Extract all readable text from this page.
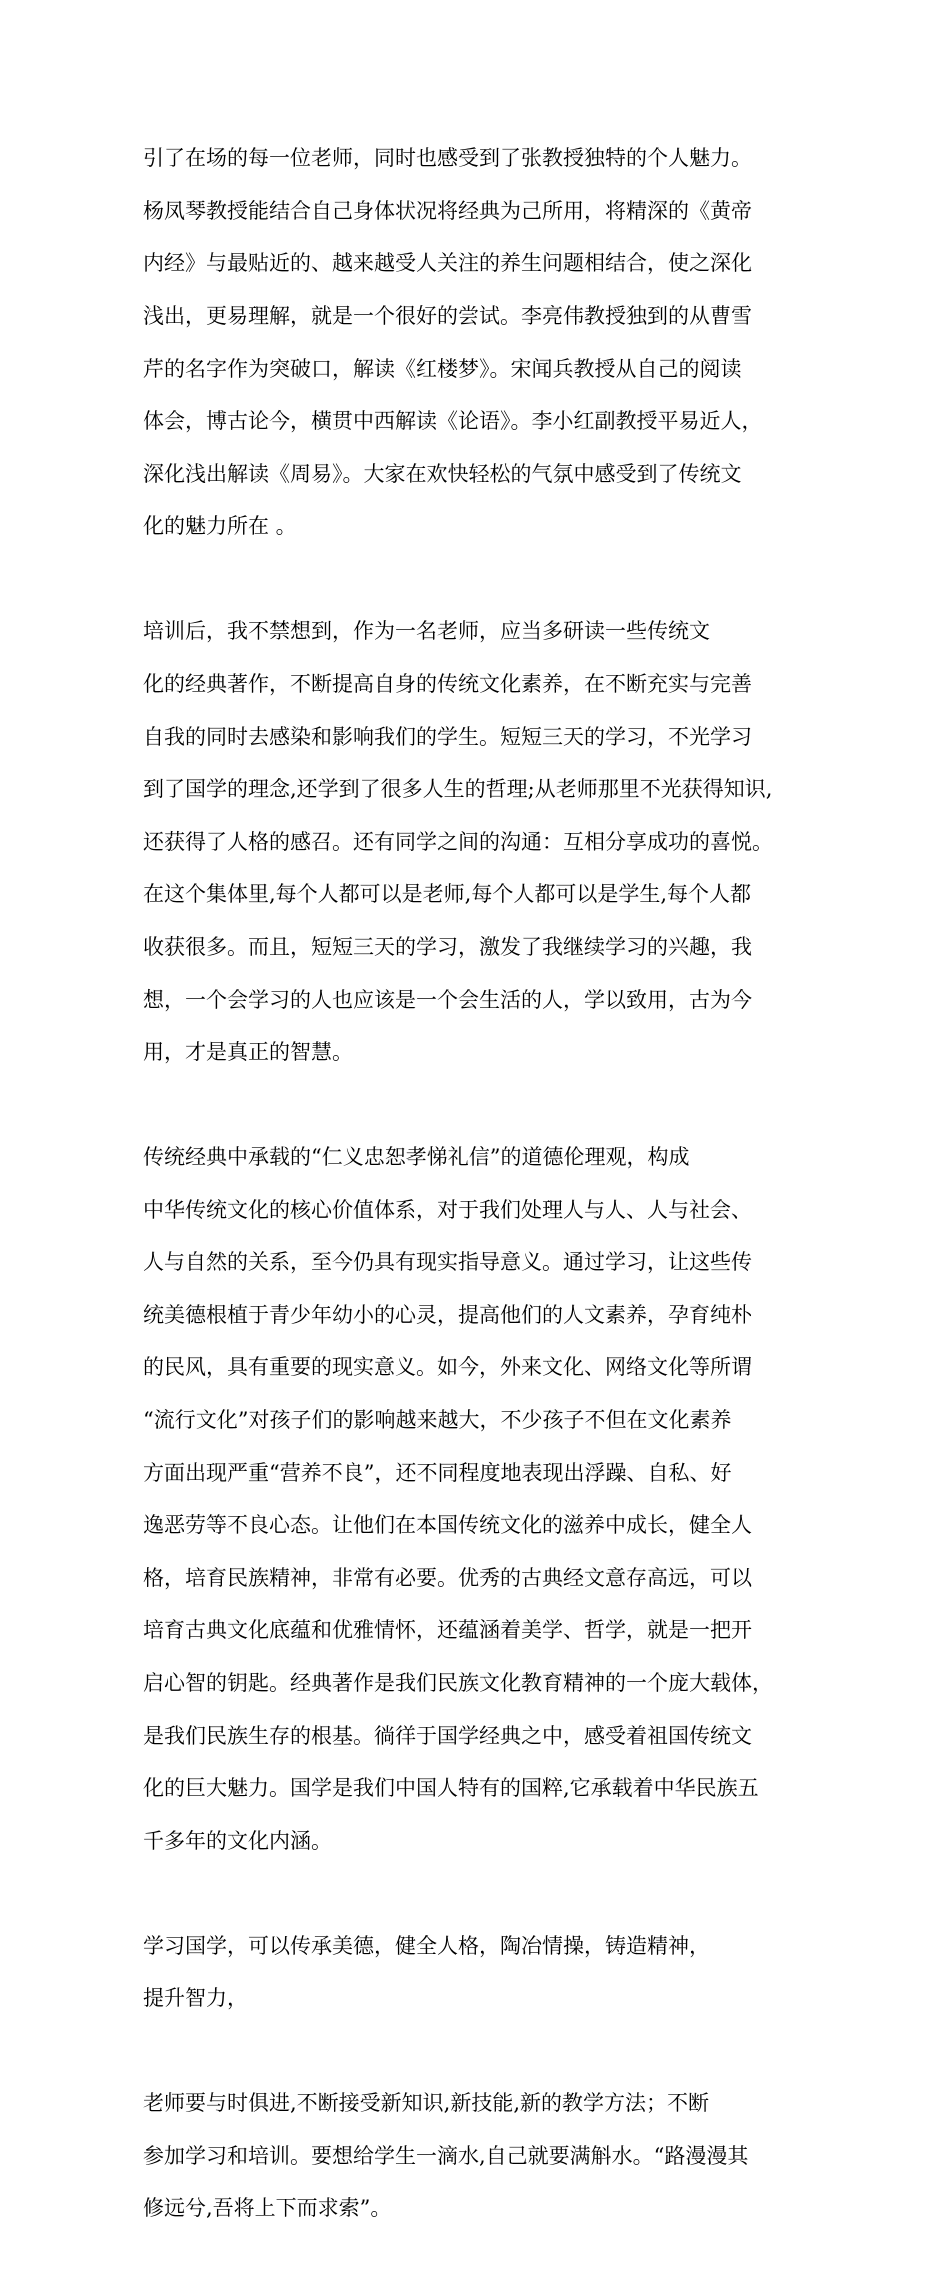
引了在场的每一位老师，同时也感受到了张教授独特的个人魅力。

杨凤琴教授能结合自己身体状况将经典为己所用，将精深的《黄帝

内经》与最贴近的、越来越受人关注的养生问题相结合，使之深化

浅出，更易理解，就是一个很好的尝试。李亮伟教授独到的从曹雪

芹的名字作为突破口，解读《红楼梦》。宋闻兵教授从自己的阅读

体会，博古论今，横贯中西解读《论语》。李小红副教授平易近人，

深化浅出解读《周易》。大家在欢快轻松的气氛中感受到了传统文

化的魅力所在 。

培训后，我不禁想到，作为一名老师，应当多研读一些传统文

化的经典著作，不断提高自身的传统文化素养，在不断充实与完善

自我的同时去感染和影响我们的学生。短短三天的学习，不光学习

到了国学的理念,还学到了很多人生的哲理;从老师那里不光获得知识,

还获得了人格的感召。还有同学之间的沟通：互相分享成功的喜悦。

在这个集体里,每个人都可以是老师,每个人都可以是学生,每个人都

收获很多。而且，短短三天的学习，激发了我继续学习的兴趣，我

想，一个会学习的人也应该是一个会生活的人，学以致用，古为今

用，才是真正的智慧。

传统经典中承载的“仁义忠恕孝悌礼信”的道德伦理观，构成

中华传统文化的核心价值体系，对于我们处理人与人、人与社会、

人与自然的关系，至今仍具有现实指导意义。通过学习，让这些传

统美德根植于青少年幼小的心灵，提高他们的人文素养，孕育纯朴

的民风，具有重要的现实意义。如今，外来文化、网络文化等所谓

“流行文化”对孩子们的影响越来越大，不少孩子不但在文化素养

方面出现严重“营养不良”，还不同程度地表现出浮躁、自私、好

逸恶劳等不良心态。让他们在本国传统文化的滋养中成长，健全人

格，培育民族精神，非常有必要。优秀的古典经文意存高远，可以

培育古典文化底蕴和优雅情怀，还蕴涵着美学、哲学，就是一把开

启心智的钥匙。经典著作是我们民族文化教育精神的一个庞大载体，

是我们民族生存的根基。徜徉于国学经典之中，感受着祖国传统文

化的巨大魅力。国学是我们中国人特有的国粹,它承载着中华民族五

千多年的文化内涵。

学习国学，可以传承美德，健全人格，陶冶情操，铸造精神，

提升智力，

老师要与时俱进,不断接受新知识,新技能,新的教学方法；不断

参加学习和培训。要想给学生一滴水,自己就要满斛水。“路漫漫其

修远兮,吾将上下而求索”。
